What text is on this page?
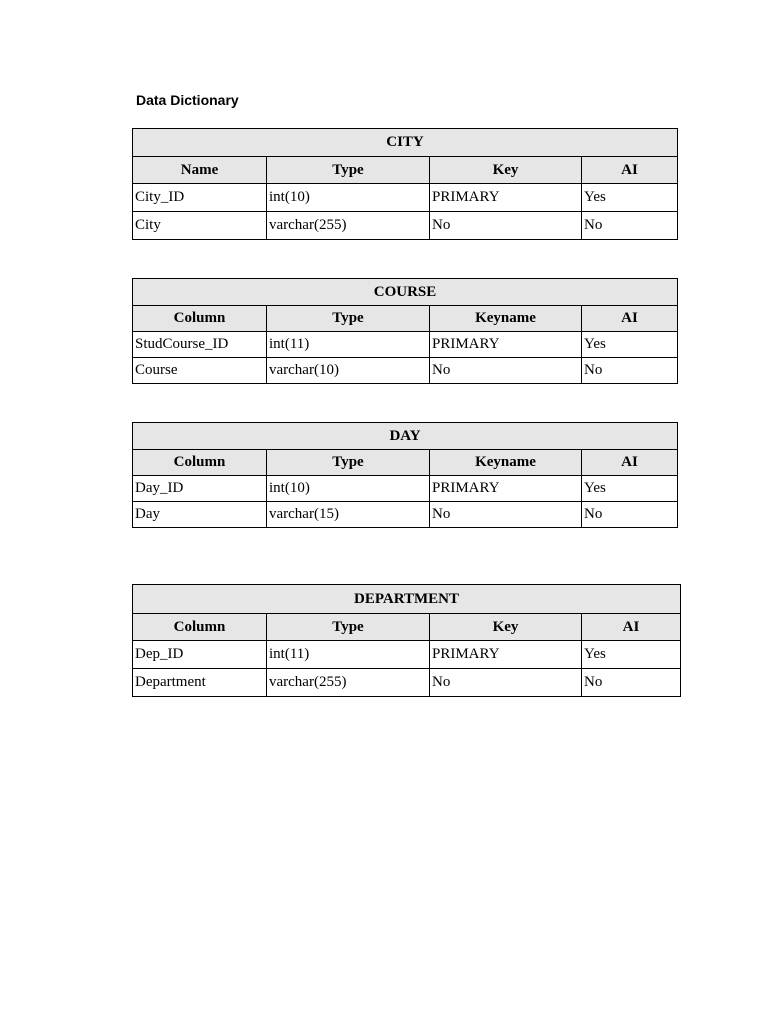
Data Dictionary
CITY			
Name	Type	Key	AI
City_ID	int(10)	PRIMARY	Yes
City	varchar(255)	No	No
COURSE			
Column	Type	Keyname	AI
StudCourse_ID	int(11)	PRIMARY	Yes
Course	varchar(10)	No	No
DAY			
Column	Type	Keyname	AI
Day_ID	int(10)	PRIMARY	Yes
Day	varchar(15)	No	No
DEPARTMENT			
Column	Type	Key	AI
Dep_ID	int(11)	PRIMARY	Yes
Department	varchar(255)	No	No
